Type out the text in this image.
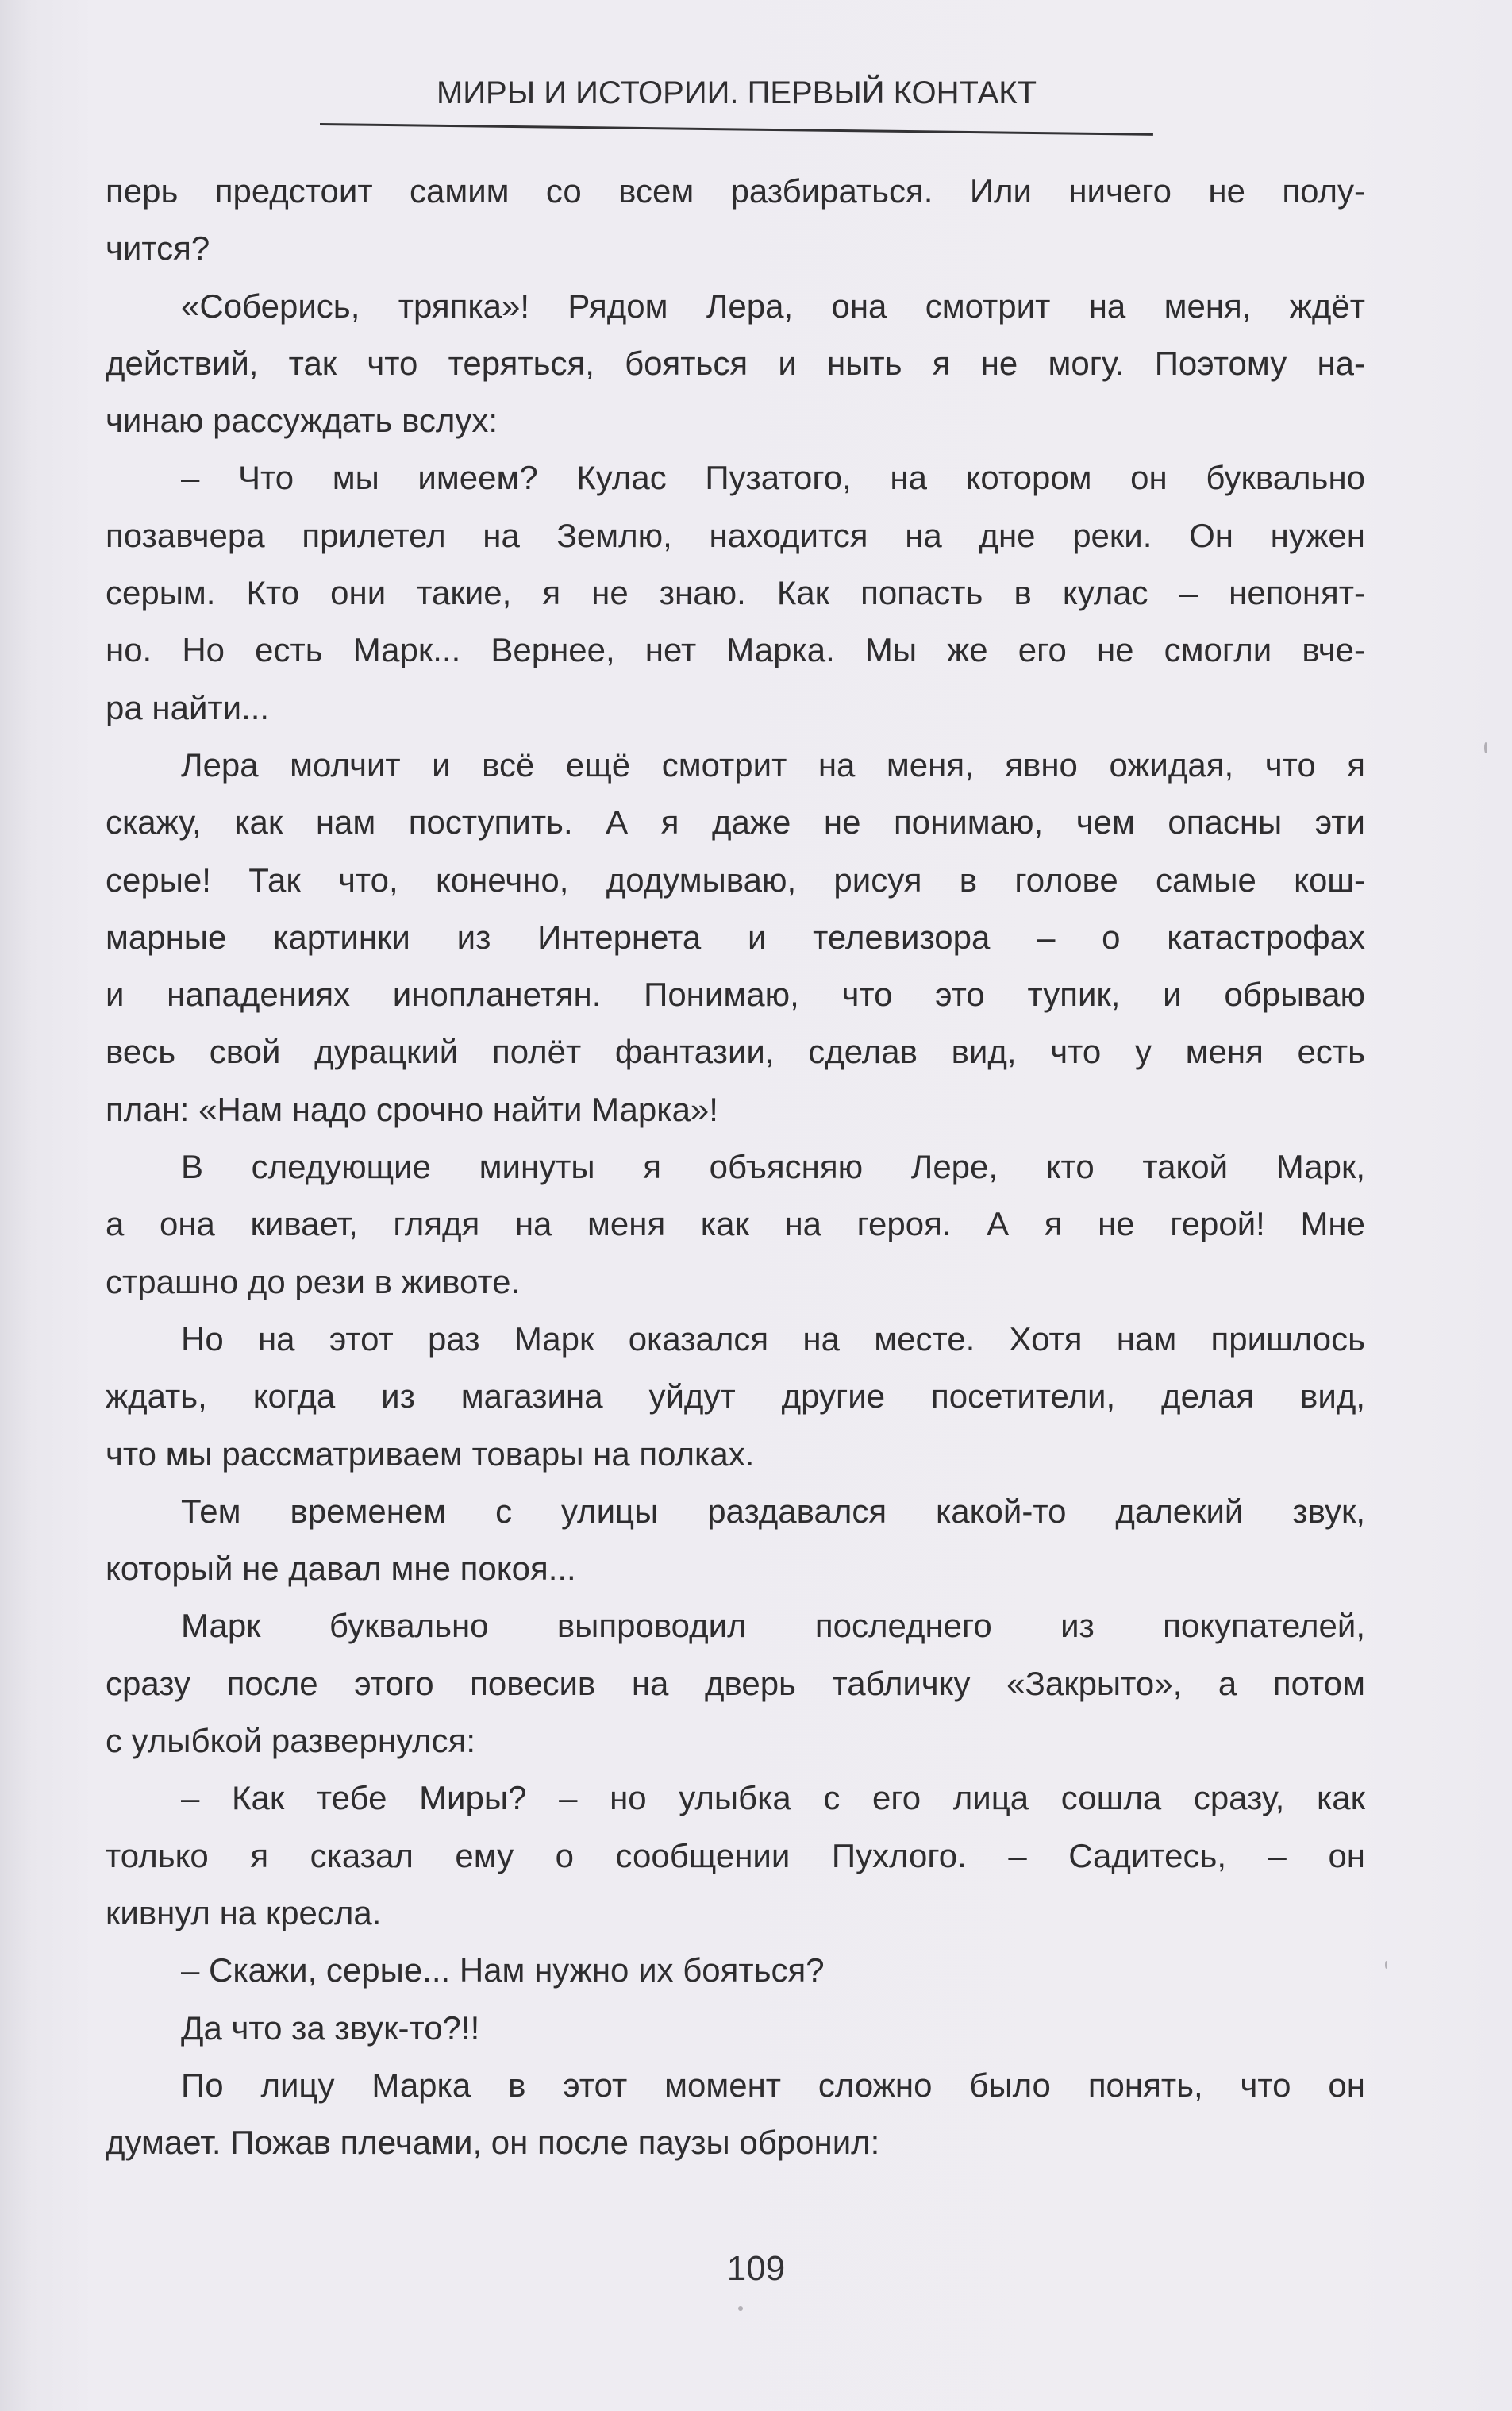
МИРЫ И ИСТОРИИ. ПЕРВЫЙ КОНТАКТ
перь предстоит самим со всем разбираться. Или ничего не полу-
чится?
«Соберись, тряпка»! Рядом Лера, она смотрит на меня, ждёт
действий, так что теряться, бояться и ныть я не могу. Поэтому на-
чинаю рассуждать вслух:
– Что мы имеем? Кулас Пузатого, на котором он буквально
позавчера прилетел на Землю, находится на дне реки. Он нужен
серым. Кто они такие, я не знаю. Как попасть в кулас – непонят-
но. Но есть Марк... Вернее, нет Марка. Мы же его не смогли вче-
ра найти...
Лера молчит и всё ещё смотрит на меня, явно ожидая, что я
скажу, как нам поступить. А я даже не понимаю, чем опасны эти
серые! Так что, конечно, додумываю, рисуя в голове самые кош-
марные картинки из Интернета и телевизора – о катастрофах
и нападениях инопланетян. Понимаю, что это тупик, и обрываю
весь свой дурацкий полёт фантазии, сделав вид, что у меня есть
план: «Нам надо срочно найти Марка»!
В следующие минуты я объясняю Лере, кто такой Марк,
а она кивает, глядя на меня как на героя. А я не герой! Мне
страшно до рези в животе.
Но на этот раз Марк оказался на месте. Хотя нам пришлось
ждать, когда из магазина уйдут другие посетители, делая вид,
что мы рассматриваем товары на полках.
Тем временем с улицы раздавался какой-то далекий звук,
который не давал мне покоя...
Марк буквально выпроводил последнего из покупателей,
сразу после этого повесив на дверь табличку «Закрыто», а потом
с улыбкой развернулся:
– Как тебе Миры? – но улыбка с его лица сошла сразу, как
только я сказал ему о сообщении Пухлого. – Садитесь, – он
кивнул на кресла.
– Скажи, серые... Нам нужно их бояться?
Да что за звук-то?!!
По лицу Марка в этот момент сложно было понять, что он
думает. Пожав плечами, он после паузы обронил:
109
